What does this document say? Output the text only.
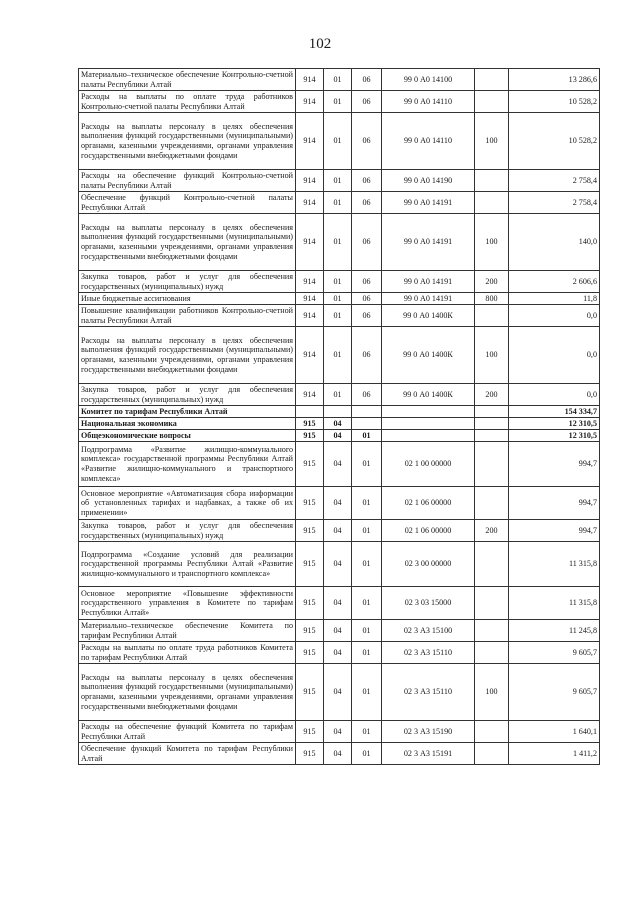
102
Материально–техническое обеспечение Контрольно-счетной палаты Республики Алтай	914	01	06	99 0 А0 14100		13 286,6
Расходы на выплаты по оплате труда работников Контрольно-счетной палаты Республики Алтай	914	01	06	99 0 А0 14110		10 528,2
Расходы на выплаты персоналу в целях обеспечения выполнения функций государственными (муниципальными) органами, казенными учреждениями, органами управления государственными внебюджетными фондами	914	01	06	99 0 А0 14110	100	10 528,2
Расходы на обеспечение функций Контрольно-счетной палаты Республики Алтай	914	01	06	99 0 А0 14190		2 758,4
Обеспечение функций Контрольно-счетной палаты Республики Алтай	914	01	06	99 0 А0 14191		2 758,4
Расходы на выплаты персоналу в целях обеспечения выполнения функций государственными (муниципальными) органами, казенными учреждениями, органами управления государственными внебюджетными фондами	914	01	06	99 0 А0 14191	100	140,0
Закупка товаров, работ и услуг для обеспечения государственных (муниципальных) нужд	914	01	06	99 0 А0 14191	200	2 606,6
Иные бюджетные ассигнования	914	01	06	99 0 А0 14191	800	11,8
Повышение квалификации работников Контрольно-счетной палаты Республики Алтай	914	01	06	99 0 А0 1400К		0,0
Расходы на выплаты персоналу в целях обеспечения выполнения функций государственными (муниципальными) органами, казенными учреждениями, органами управления государственными внебюджетными фондами	914	01	06	99 0 А0 1400К	100	0,0
Закупка товаров, работ и услуг для обеспечения государственных (муниципальных) нужд	914	01	06	99 0 А0 1400К	200	0,0
Комитет по тарифам Республики Алтай						154 334,7
Национальная экономика	915	04				12 310,5
Общеэкономические вопросы	915	04	01			12 310,5
Подпрограмма «Развитие жилищно-коммунального комплекса» государственной программы Республики Алтай «Развитие жилищно-коммунального и транспортного комплекса»	915	04	01	02 1 00 00000		994,7
Основное мероприятие «Автоматизация сбора информации об установленных тарифах и надбавках, а также об их применении»	915	04	01	02 1 06 00000		994,7
Закупка товаров, работ и услуг для обеспечения государственных (муниципальных) нужд	915	04	01	02 1 06 00000	200	994,7
Подпрограмма «Создание условий для реализации государственной программы Республики Алтай «Развитие жилищно-коммунального и транспортного комплекса»	915	04	01	02 3 00 00000		11 315,8
Основное мероприятие «Повышение эффективности государственного управления в Комитете по тарифам Республики Алтай»	915	04	01	02 3 03 15000		11 315,8
Материально–техническое обеспечение Комитета по тарифам Республики Алтай	915	04	01	02 3 А3 15100		11 245,8
Расходы на выплаты по оплате труда работников Комитета по тарифам Республики Алтай	915	04	01	02 3 А3 15110		9 605,7
Расходы на выплаты персоналу в целях обеспечения выполнения функций государственными (муниципальными) органами, казенными учреждениями, органами управления государственными внебюджетными фондами	915	04	01	02 3 А3 15110	100	9 605,7
Расходы на обеспечение функций Комитета по тарифам Республики Алтай	915	04	01	02 3 А3 15190		1 640,1
Обеспечение функций Комитета по тарифам Республики Алтай	915	04	01	02 3 А3 15191		1 411,2
